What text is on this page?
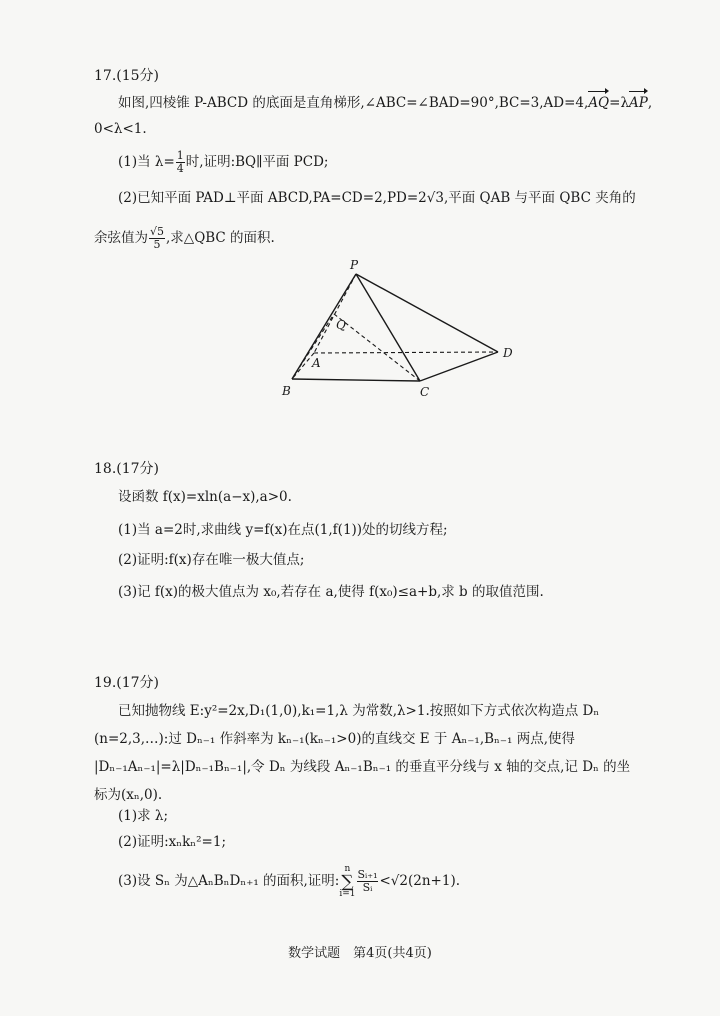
17.(15分)
如图,四棱锥 P-ABCD 的底面是直角梯形,∠ABC=∠BAD=90°,BC=3,AD=4,AQ=λAP,
0<λ<1.
(1)当 $\lambda= \frac{1}{4}$ 时,证明:BQ∥平面 PCD;
(2)已知平面 PAD⊥平面 ABCD,PA=CD=2,PD=2√3,平面 QAB 与平面 QBC 夹角的
余弦值为 $\frac{√5}{5}$ ,求△QBC 的面积.
P
Q
A
B	C
D
18.(17分)
设函数 f(x)=xln(a−x),a>0.
(1)当 a=2时,求曲线 y=f(x)在点(1,f(1))处的切线方程;
(2)证明:f(x)存在唯一极大值点;
(3)记 f(x)的极大值点为 x₀,若存在 a,使得 f(x₀)≤a+b,求 b 的取值范围.
19.(17分)
已知抛物线 E:y²=2x,D₁(1,0),k₁=1,λ 为常数,λ>1.按照如下方式依次构造点 Dₙ
(n=2,3,…):过 Dₙ₋₁ 作斜率为 kₙ₋₁(kₙ₋₁>0)的直线交 E 于 Aₙ₋₁,Bₙ₋₁ 两点,使得
|Dₙ₋₁Aₙ₋₁|=λ|Dₙ₋₁Bₙ₋₁|,令 Dₙ 为线段 Aₙ₋₁Bₙ₋₁ 的垂直平分线与 x 轴的交点,记 Dₙ 的坐
标为(xₙ,0).
(1)求 λ;
(2)证明:xₙkₙ²=1;
(3)设 Sₙ 为△AₙBₙDₙ₊₁ 的面积,证明:n
∑
$i=1 \frac{\text{Sᵢ₊₁}}{\text{Sᵢ}} <√2(2n+1)$.
数学试题　第4页(共4页)
